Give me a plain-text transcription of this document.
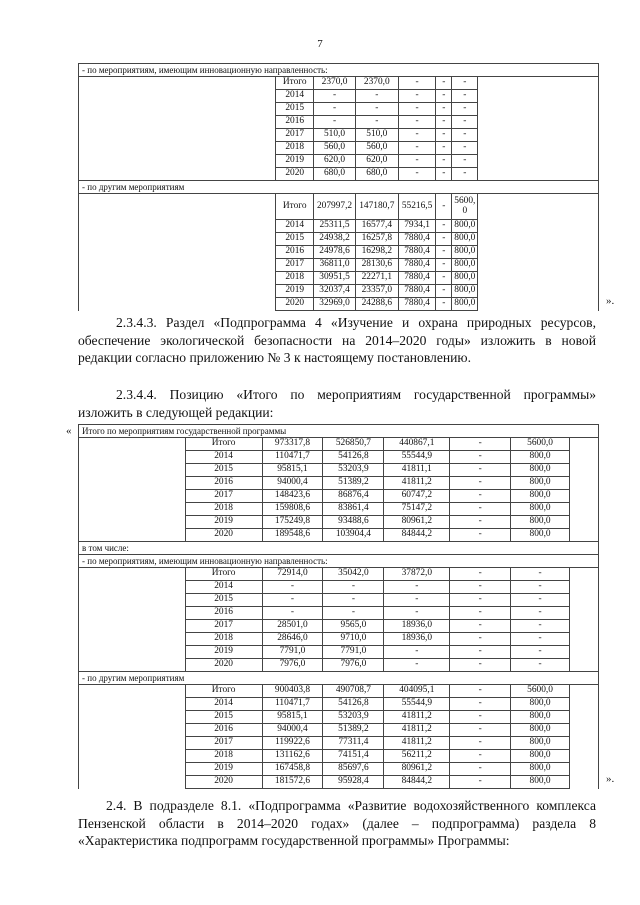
7
- по мероприятиям, имеющим инновационную направленность:							
	Итого	2370,0	2370,0	-	-	-	
	2014	-	-	-	-	-	
	2015	-	-	-	-	-	
	2016	-	-	-	-	-	
	2017	510,0	510,0	-	-	-	
	2018	560,0	560,0	-	-	-	
	2019	620,0	620,0	-	-	-	
	2020	680,0	680,0	-	-	-	
- по другим мероприятиям							
	Итого	207997,2	147180,7	55216,5	-	5600,0	
	2014	25311,5	16577,4	7934,1	-	800,0	
	2015	24938,2	16257,8	7880,4	-	800,0	
	2016	24978,6	16298,2	7880,4	-	800,0	
	2017	36811,0	28130,6	7880,4	-	800,0	
	2018	30951,5	22271,1	7880,4	-	800,0	
	2019	32037,4	23357,0	7880,4	-	800,0	
	2020	32969,0	24288,6	7880,4	-	800,0		».
2.3.4.3. Раздел «Подпрограмма 4 «Изучение и охрана природных ресурсов, обеспечение экологической безопасности на 2014–2020 годы» изложить в новой редакции согласно приложению № 3 к настоящему постановлению.
2.3.4.4. Позицию «Итого по мероприятиям государственной программы» изложить в следующей редакции:
« Итого по мероприятиям государственной программы							
	Итого	973317,8	526850,7	440867,1	-	5600,0	
	2014	110471,7	54126,8	55544,9	-	800,0	
	2015	95815,1	53203,9	41811,1	-	800,0	
	2016	94000,4	51389,2	41811,2	-	800,0	
	2017	148423,6	86876,4	60747,2	-	800,0	
	2018	159808,6	83861,4	75147,2	-	800,0	
	2019	175249,8	93488,6	80961,2	-	800,0	
	2020	189548,6	103904,4	84844,2	-	800,0	
в том числе:							
- по мероприятиям, имеющим инновационную направленность:							
	Итого	72914,0	35042,0	37872,0	-	-	
	2014	-	-	-	-	-	
	2015	-	-	-	-	-	
	2016	-	-	-	-	-	
	2017	28501,0	9565,0	18936,0	-	-	
	2018	28646,0	9710,0	18936,0	-	-	
	2019	7791,0	7791,0	-	-	-	
	2020	7976,0	7976,0	-	-	-	
- по другим мероприятиям							
	Итого	900403,8	490708,7	404095,1	-	5600,0	
	2014	110471,7	54126,8	55544,9	-	800,0	
	2015	95815,1	53203,9	41811,2	-	800,0	
	2016	94000,4	51389,2	41811,2	-	800,0	
	2017	119922,6	77311,4	41811,2	-	800,0	
	2018	131162,6	74151,4	56211,2	-	800,0	
	2019	167458,8	85697,6	80961,2	-	800,0	
	2020	181572,6	95928,4	84844,2	-	800,0		».
2.4. В подразделе 8.1. «Подпрограмма «Развитие водохозяйственного комплекса Пензенской области в 2014–2020 годах» (далее – подпрограмма) раздела 8 «Характеристика подпрограмм государственной программы» Программы:
